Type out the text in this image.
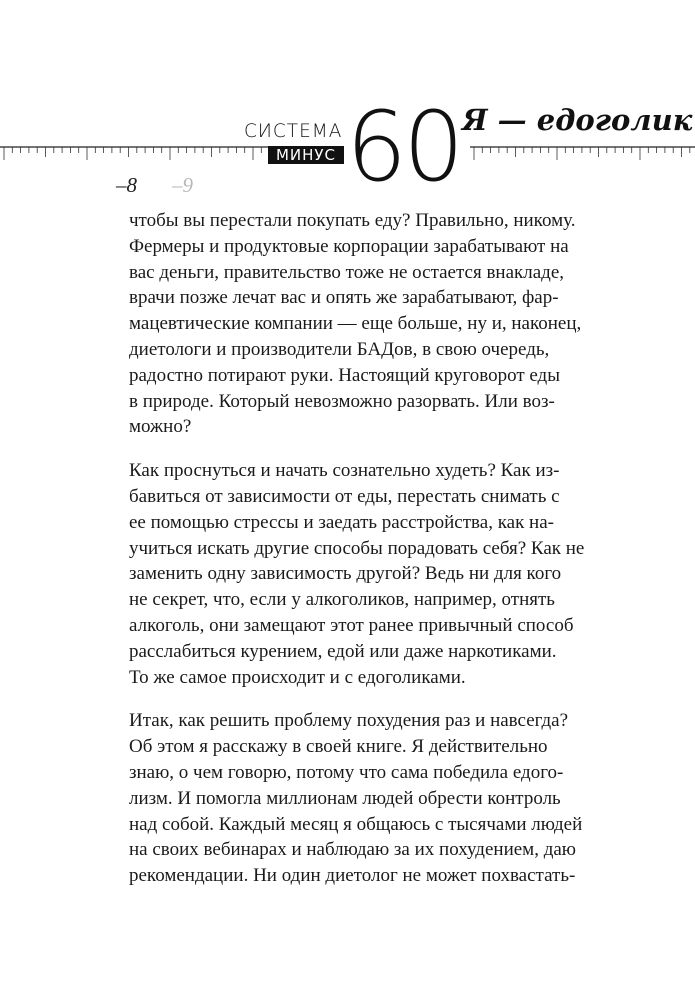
СИСТЕМА
МИНУС 60 Я — едоголик
–8 –9

чтобы вы перестали покупать еду? Правильно, никому.
Фермеры и продуктовые корпорации зарабатывают на
вас деньги, правительство тоже не остается внакладе,
врачи позже лечат вас и опять же зарабатывают, фар-
мацевтические компании — еще больше, ну и, наконец,
диетологи и производители БАДов, в свою очередь,
радостно потирают руки. Настоящий круговорот еды
в природе. Который невозможно разорвать. Или воз-
можно?

Как проснуться и начать сознательно худеть? Как из-
бавиться от зависимости от еды, перестать снимать с
ее помощью стрессы и заедать расстройства, как на-
учиться искать другие способы порадовать себя? Как не
заменить одну зависимость другой? Ведь ни для кого
не секрет, что, если у алкоголиков, например, отнять
алкоголь, они замещают этот ранее привычный способ
расслабиться курением, едой или даже наркотиками.
То же самое происходит и с едоголиками.

Итак, как решить проблему похудения раз и навсегда?
Об этом я расскажу в своей книге. Я действительно
знаю, о чем говорю, потому что сама победила едого-
лизм. И помогла миллионам людей обрести контроль
над собой. Каждый месяц я общаюсь с тысячами людей
на своих вебинарах и наблюдаю за их похудением, даю
рекомендации. Ни один диетолог не может похвастать-
